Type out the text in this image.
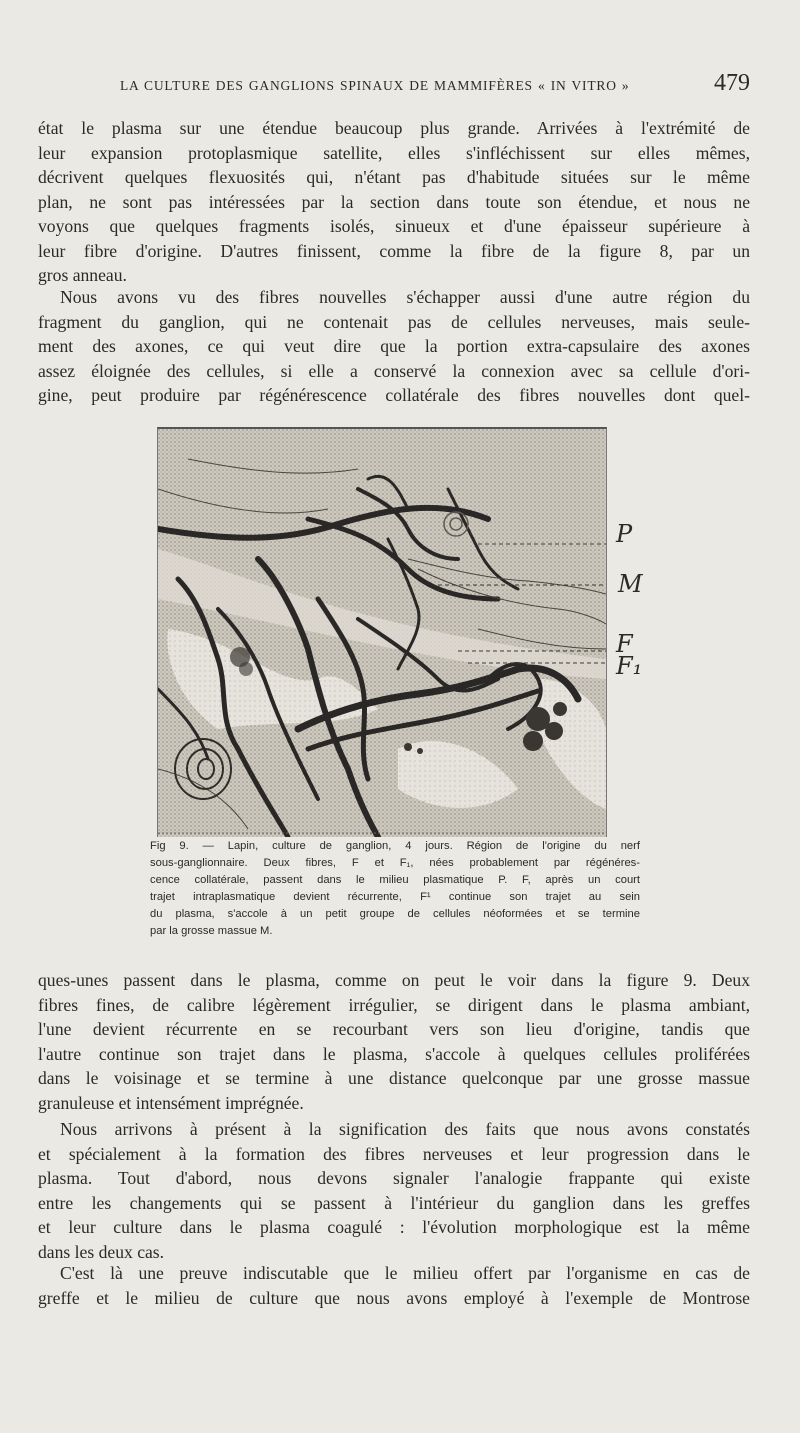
LA CULTURE DES GANGLIONS SPINAUX DE MAMMIFÈRES « IN VITRO »	479
état le plasma sur une étendue beaucoup plus grande. Arrivées à l'extrémité de
leur expansion protoplasmique satellite, elles s'infléchissent sur elles mêmes,
décrivent quelques flexuosités qui, n'étant pas d'habitude situées sur le même
plan, ne sont pas intéressées par la section dans toute son étendue, et nous ne
voyons que quelques fragments isolés, sinueux et d'une épaisseur supérieure à
leur fibre d'origine. D'autres finissent, comme la fibre de la figure 8, par un
gros anneau.
Nous avons vu des fibres nouvelles s'échapper aussi d'une autre région du
fragment du ganglion, qui ne contenait pas de cellules nerveuses, mais seule-
ment des axones, ce qui veut dire que la portion extra-capsulaire des axones
assez éloignée des cellules, si elle a conservé la connexion avec sa cellule d'ori-
gine, peut produire par régénérescence collatérale des fibres nouvelles dont quel-
P
M
F
F₁
Fig 9. — Lapin, culture de ganglion, 4 jours. Région de l'origine du nerf
sous-ganglionnaire. Deux fibres, F et F₁, nées probablement par régénéres-
cence collatérale, passent dans le milieu plasmatique P. F, après un court
trajet intraplasmatique devient récurrente, F¹ continue son trajet au sein
du plasma, s'accole à un petit groupe de cellules néoformées et se termine
par la grosse massue M.
ques-unes passent dans le plasma, comme on peut le voir dans la figure 9. Deux
fibres fines, de calibre légèrement irrégulier, se dirigent dans le plasma ambiant,
l'une devient récurrente en se recourbant vers son lieu d'origine, tandis que
l'autre continue son trajet dans le plasma, s'accole à quelques cellules proliférées
dans le voisinage et se termine à une distance quelconque par une grosse massue
granuleuse et intensément imprégnée.
Nous arrivons à présent à la signification des faits que nous avons constatés
et spécialement à la formation des fibres nerveuses et leur progression dans le
plasma. Tout d'abord, nous devons signaler l'analogie frappante qui existe
entre les changements qui se passent à l'intérieur du ganglion dans les greffes
et leur culture dans le plasma coagulé : l'évolution morphologique est la même
dans les deux cas.
C'est là une preuve indiscutable que le milieu offert par l'organisme en cas de
greffe et le milieu de culture que nous avons employé à l'exemple de Montrose
